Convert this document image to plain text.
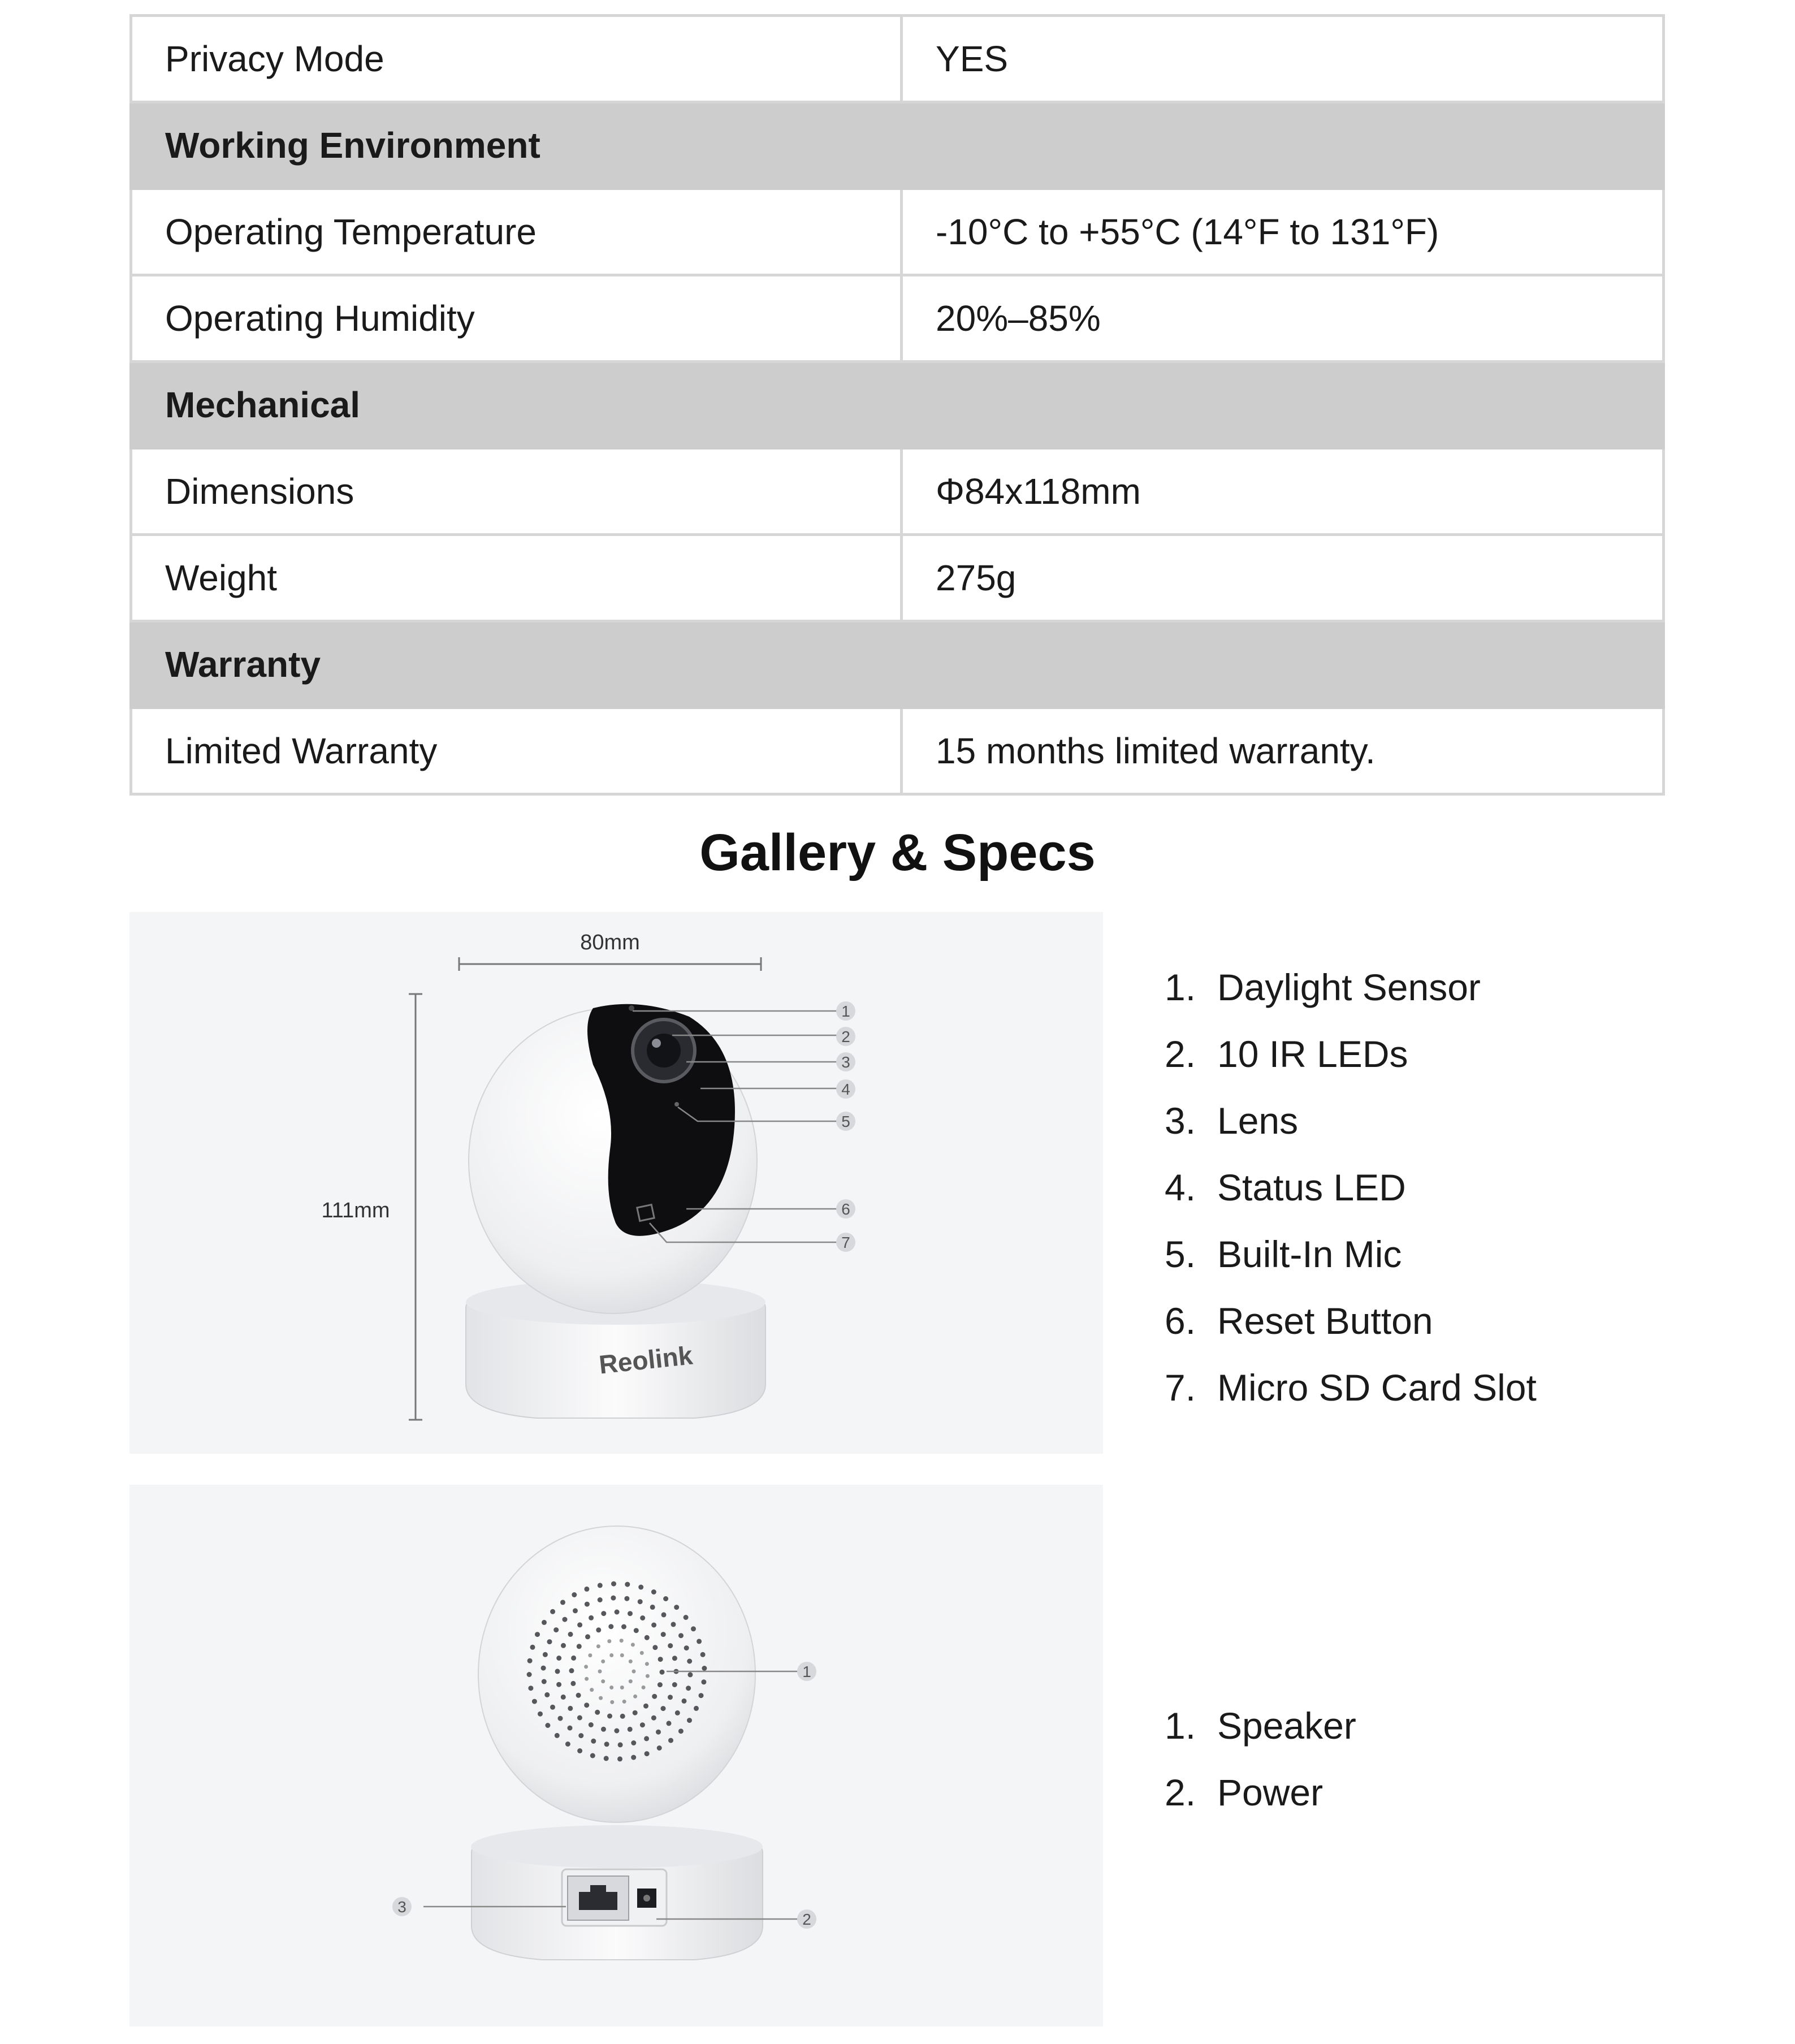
Privacy Mode	YES
Working Environment	
Operating Temperature	-10°C to +55°C (14°F to 131°F)
Operating Humidity	20%–85%
Mechanical	
Dimensions	Φ84x118mm
Weight	275g
Warranty	
Limited Warranty	15 months limited warranty.
Gallery & Specs
80mm
111mm
Reolink
1
2
3
4
5
6
7
1
2
3
1. Daylight Sensor
2. 10 IR LEDs
3. Lens
4. Status LED
5. Built-In Mic
6. Reset Button
7. Micro SD Card Slot
1. Speaker
2. Power
